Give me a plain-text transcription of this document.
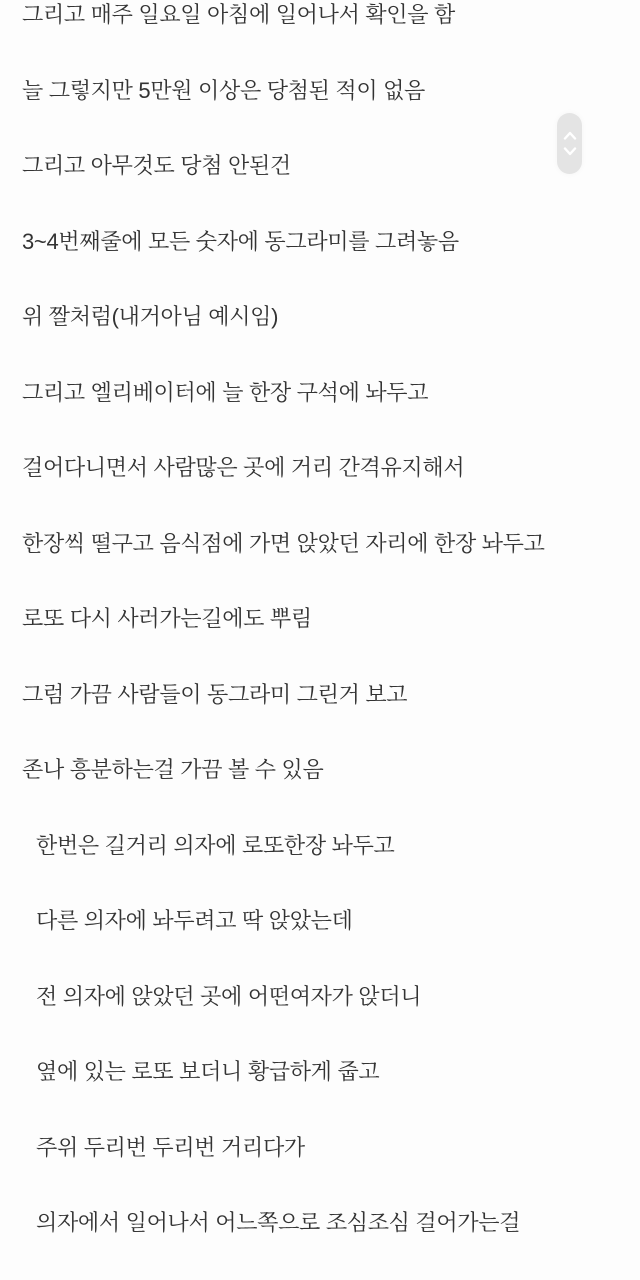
그리고 매주 일요일 아침에 일어나서 확인을 함
늘 그렇지만 5만원 이상은 당첨된 적이 없음
그리고 아무것도 당첨 안된건
3~4번째줄에 모든 숫자에 동그라미를 그려놓음
위 짤처럼(내거아님 예시임)
그리고 엘리베이터에 늘 한장 구석에 놔두고
걸어다니면서 사람많은 곳에 거리 간격유지해서
한장씩 떨구고 음식점에 가면 앉았던 자리에 한장 놔두고
로또 다시 사러가는길에도 뿌림
그럼 가끔 사람들이 동그라미 그린거 보고
존나 흥분하는걸 가끔 볼 수 있음
한번은 길거리 의자에 로또한장 놔두고
다른 의자에 놔두려고 딱 앉았는데
전 의자에 앉았던 곳에 어떤여자가 앉더니
옆에 있는 로또 보더니 황급하게 줍고
주위 두리번 두리번 거리다가
의자에서 일어나서 어느쪽으로 조심조심 걸어가는걸
